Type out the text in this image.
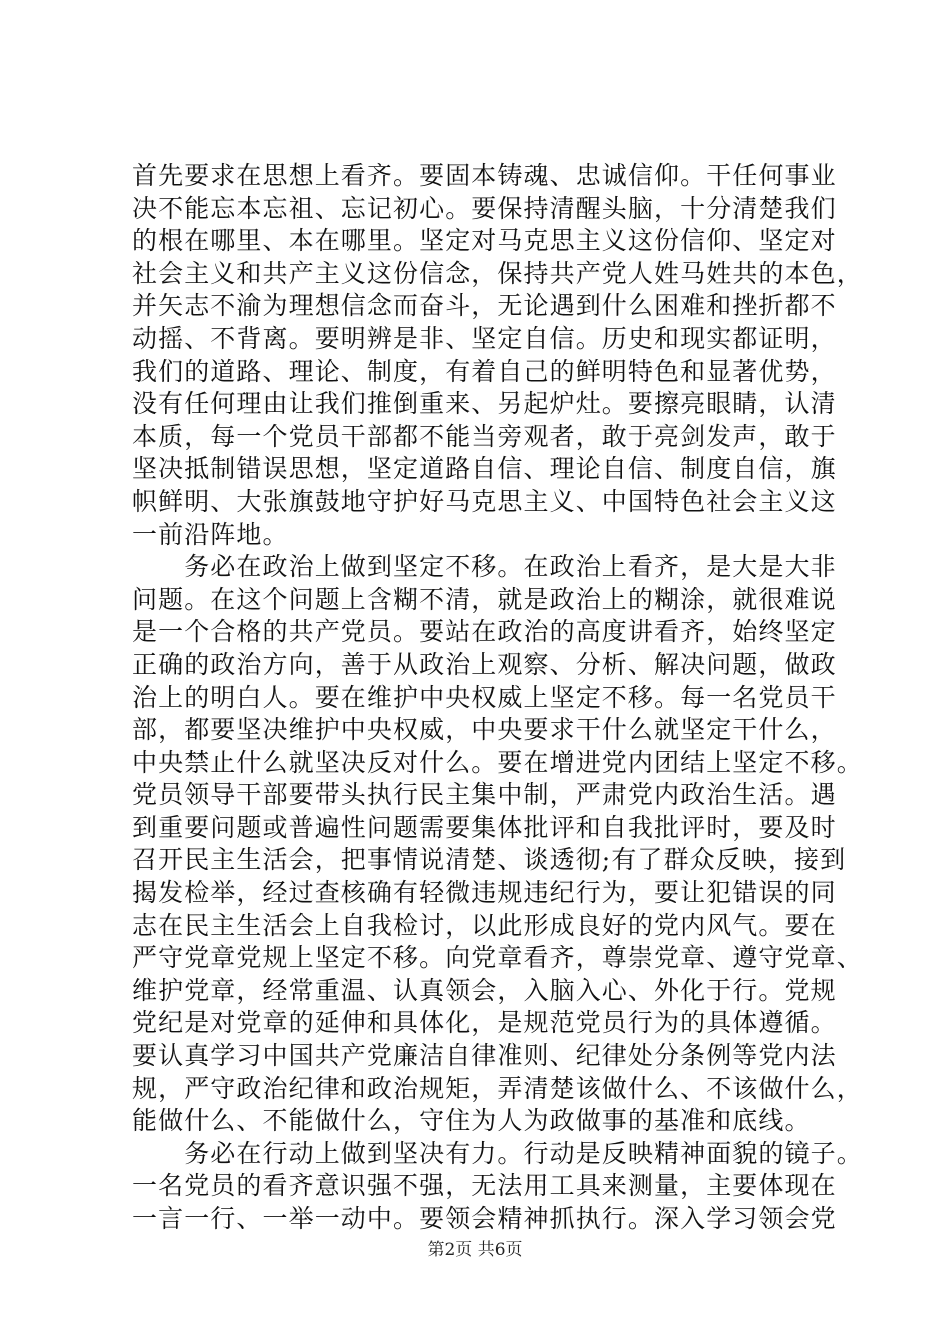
首先要求在思想上看齐。要固本铸魂、忠诚信仰。干任何事业
决不能忘本忘祖、忘记初心。要保持清醒头脑，十分清楚我们
的根在哪里、本在哪里。坚定对马克思主义这份信仰、坚定对
社会主义和共产主义这份信念，保持共产党人姓马姓共的本色，
并矢志不渝为理想信念而奋斗，无论遇到什么困难和挫折都不
动摇、不背离。要明辨是非、坚定自信。历史和现实都证明，
我们的道路、理论、制度，有着自己的鲜明特色和显著优势，
没有任何理由让我们推倒重来、另起炉灶。要擦亮眼睛，认清
本质，每一个党员干部都不能当旁观者，敢于亮剑发声，敢于
坚决抵制错误思想，坚定道路自信、理论自信、制度自信，旗
帜鲜明、大张旗鼓地守护好马克思主义、中国特色社会主义这
一前沿阵地。
　　务必在政治上做到坚定不移。在政治上看齐，是大是大非
问题。在这个问题上含糊不清，就是政治上的糊涂，就很难说
是一个合格的共产党员。要站在政治的高度讲看齐，始终坚定
正确的政治方向，善于从政治上观察、分析、解决问题，做政
治上的明白人。要在维护中央权威上坚定不移。每一名党员干
部，都要坚决维护中央权威，中央要求干什么就坚定干什么，
中央禁止什么就坚决反对什么。要在增进党内团结上坚定不移。
党员领导干部要带头执行民主集中制，严肃党内政治生活。遇
到重要问题或普遍性问题需要集体批评和自我批评时，要及时
召开民主生活会，把事情说清楚、谈透彻;有了群众反映，接到
揭发检举，经过查核确有轻微违规违纪行为，要让犯错误的同
志在民主生活会上自我检讨，以此形成良好的党内风气。要在
严守党章党规上坚定不移。向党章看齐，尊崇党章、遵守党章、
维护党章，经常重温、认真领会，入脑入心、外化于行。党规
党纪是对党章的延伸和具体化，是规范党员行为的具体遵循。
要认真学习中国共产党廉洁自律准则、纪律处分条例等党内法
规，严守政治纪律和政治规矩，弄清楚该做什么、不该做什么，
能做什么、不能做什么，守住为人为政做事的基准和底线。
　　务必在行动上做到坚决有力。行动是反映精神面貌的镜子。
一名党员的看齐意识强不强，无法用工具来测量，主要体现在
一言一行、一举一动中。要领会精神抓执行。深入学习领会党
第2页 共6页
